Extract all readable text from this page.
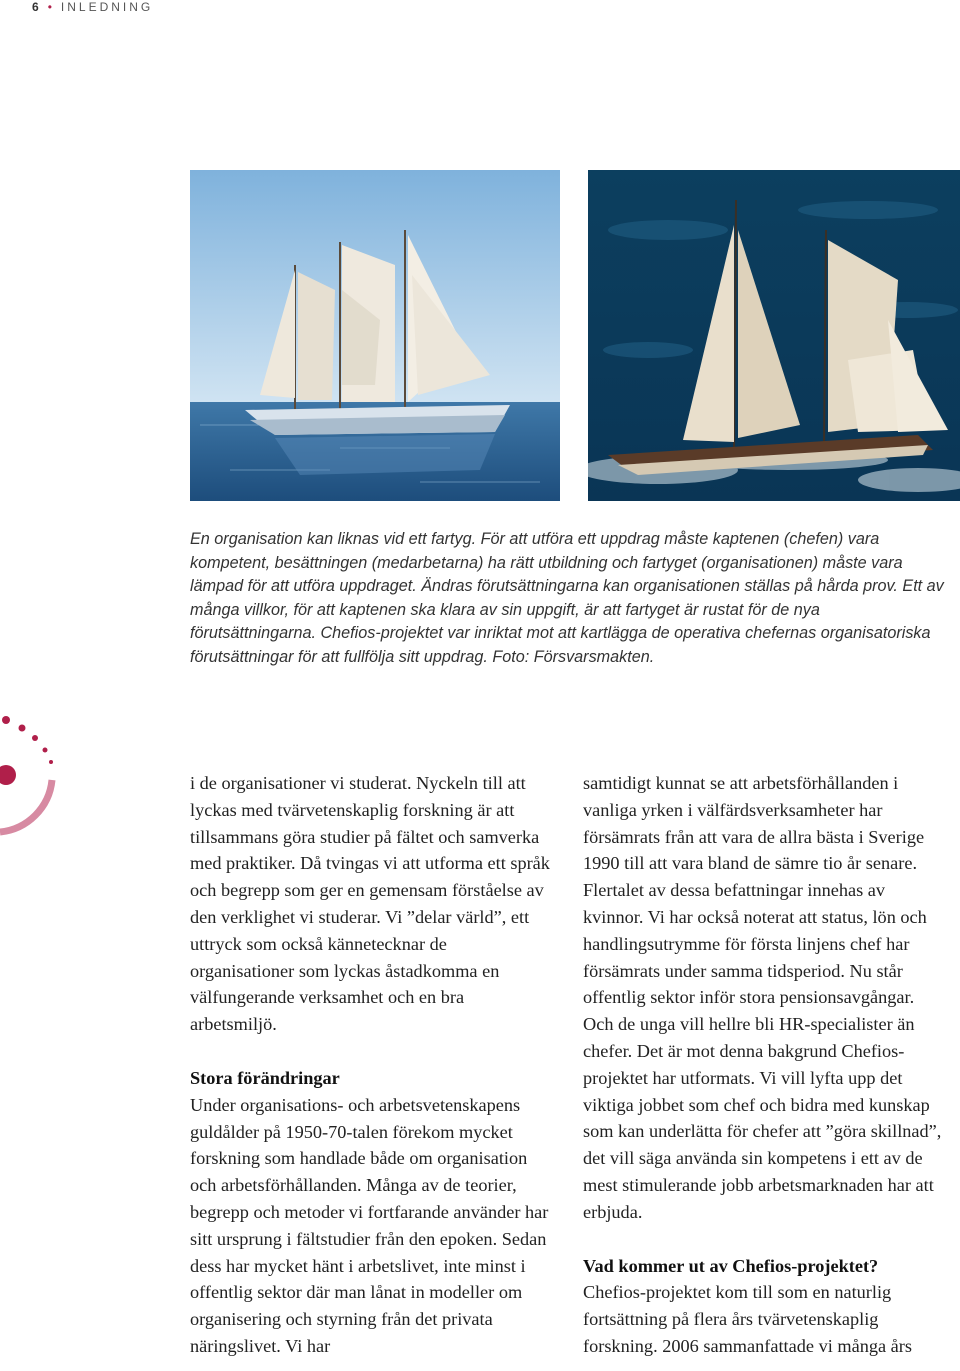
6 • INLEDNING
En organisation kan liknas vid ett fartyg. För att utföra ett uppdrag måste kaptenen (chefen) vara kompetent, besättningen (medarbetarna) ha rätt utbildning och fartyget (organisationen) måste vara lämpad för att utföra uppdraget. Ändras förutsättningarna kan organisationen ställas på hårda prov. Ett av många villkor, för att kaptenen ska klara av sin uppgift, är att fartyget är rustat för de nya förutsättningarna. Chefios-projektet var inriktat mot att kartlägga de operativa chefernas organisatoriska förutsättningar för att fullfölja sitt uppdrag. Foto: Försvarsmakten.

i de organisationer vi studerat. Nyckeln till att lyckas med tvärvetenskaplig forskning är att tillsammans göra studier på fältet och samverka med praktiker. Då tvingas vi att utforma ett språk och begrepp som ger en gemensam förståelse av den verklighet vi studerar. Vi ”delar värld”, ett uttryck som också kännetecknar de organisationer som lyckas åstadkomma en välfungerande verksamhet och en bra arbetsmiljö.

Stora förändringar

Under organisations- och arbetsvetenskapens guldålder på 1950-70-talen förekom mycket forskning som handlade både om organisation och arbetsförhållanden. Många av de teorier, begrepp och metoder vi fortfarande använder har sitt ursprung i fältstudier från den epoken. Sedan dess har mycket hänt i arbetslivet, inte minst i offentlig sektor där man lånat in modeller om organisering och styrning från det privata näringslivet. Vi har

samtidigt kunnat se att arbetsförhållanden i vanliga yrken i välfärdsverksamheter har försämrats från att vara de allra bästa i Sverige 1990 till att vara bland de sämre tio år senare. Flertalet av dessa befattningar innehas av kvinnor. Vi har också noterat att status, lön och handlingsutrymme för första linjens chef har försämrats under samma tidsperiod. Nu står offentlig sektor inför stora pensionsavgångar. Och de unga vill hellre bli HR-specialister än chefer. Det är mot denna bakgrund Chefios-projektet har utformats. Vi vill lyfta upp det viktiga jobbet som chef och bidra med kunskap som kan underlätta för chefer att ”göra skillnad”, det vill säga använda sin kompetens i ett av de mest stimulerande jobb arbetsmarknaden har att erbjuda.

Vad kommer ut av Chefios-projektet?

Chefios-projektet kom till som en naturlig fortsättning på flera års tvärvetenskaplig forskning. 2006 sammanfattade vi många års
